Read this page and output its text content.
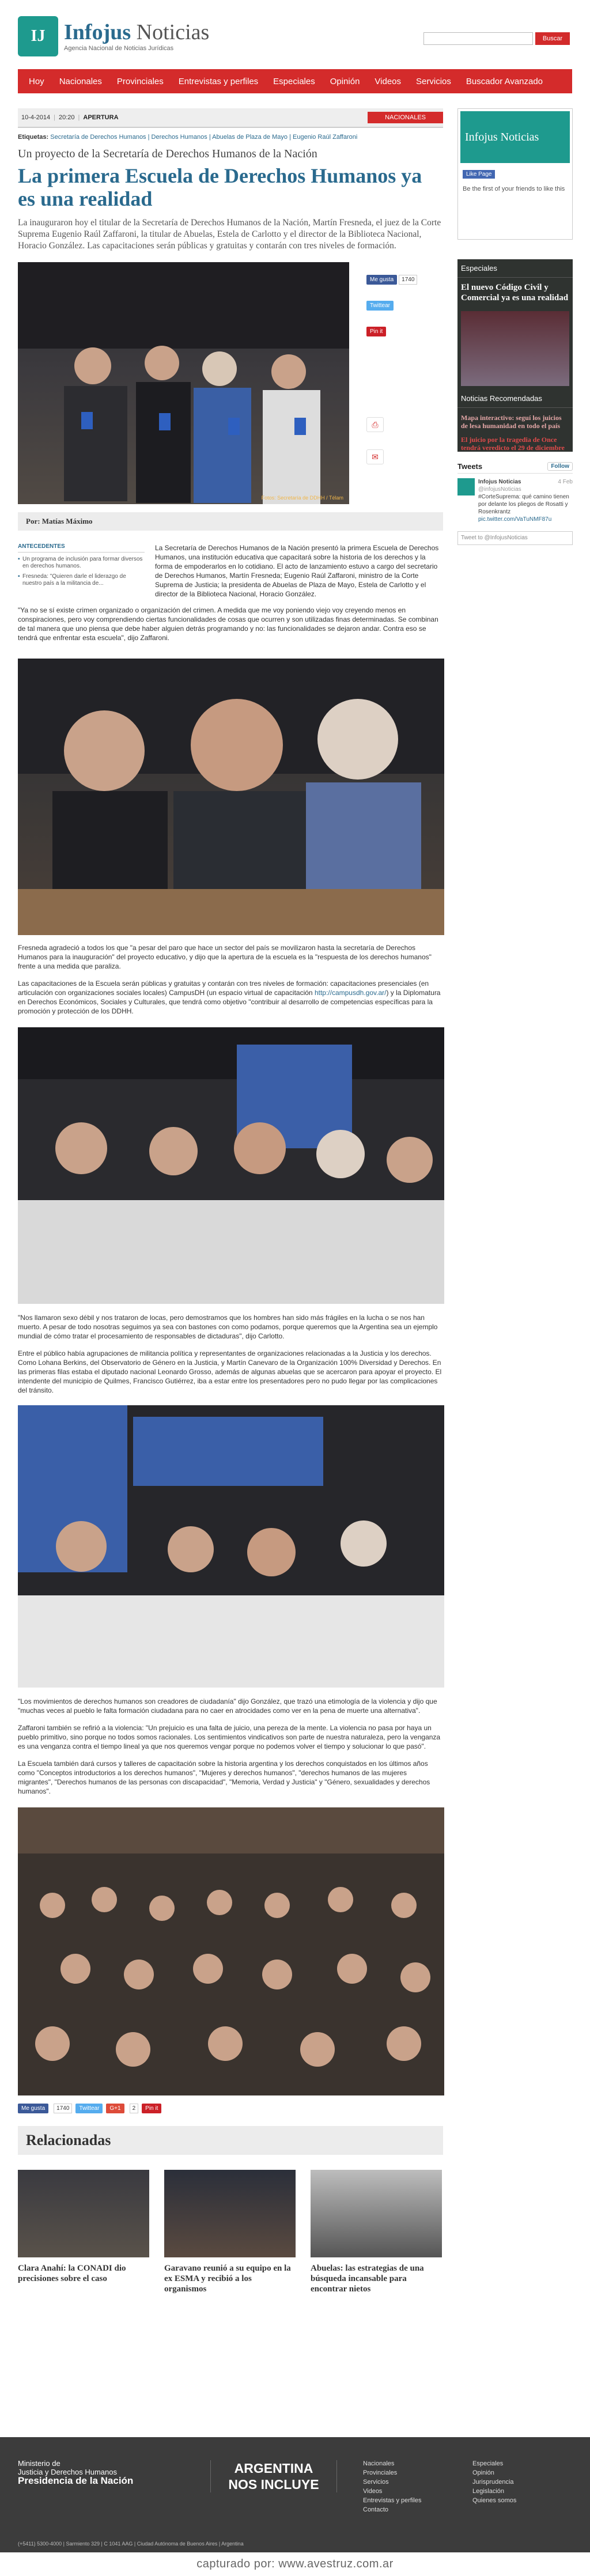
IJ Infojus Noticias
Agencia Nacional de Noticias Jurídicas
Buscar
Hoy	Nacionales	Provinciales	Entrevistas y perfiles	Especiales	Opinión	Videos	Servicios	Buscador Avanzado
10-4-2014 | 20:20 | APERTURA	NACIONALES
Etiquetas: Secretaría de Derechos Humanos | Derechos Humanos | Abuelas de Plaza de Mayo | Eugenio Raúl Zaffaroni
Un proyecto de la Secretaría de Derechos Humanos de la Nación
La primera Escuela de Derechos Humanos ya es una realidad
La inauguraron hoy el titular de la Secretaría de Derechos Humanos de la Nación, Martín Fresneda, el juez de la Corte Suprema Eugenio Raúl Zaffaroni, la titular de Abuelas, Estela de Carlotto y el director de la Biblioteca Nacional, Horacio González. Las capacitaciones serán públicas y gratuitas y contarán con tres niveles de formación.
Fotos: Secretaría de DDHH / Télam
Me gusta 1740
Twittear
Pin it
⎙
✉
Por: Matías Máximo
ANTECEDENTES
▪ Un programa de inclusión para formar diversos en derechos humanos.
▪ Fresneda: "Quieren darle el liderazgo de nuestro país a la militancia de...

La Secretaría de Derechos Humanos de la Nación presentó la primera Escuela de Derechos Humanos, una institución educativa que capacitará sobre la historia de los derechos y la forma de empoderarlos en lo cotidiano. El acto de lanzamiento estuvo a cargo del secretario de Derechos Humanos, Martín Fresneda; Eugenio Raúl Zaffaroni, ministro de la Corte Suprema de Justicia; la presidenta de Abuelas de Plaza de Mayo, Estela de Carlotto y el director de la Biblioteca Nacional, Horacio González.

"Ya no se sí existe crimen organizado o organización del crimen. A medida que me voy poniendo viejo voy creyendo menos en conspiraciones, pero voy comprendiendo ciertas funcionalidades de cosas que ocurren y son utilizadas finas determinadas. Se combinan de tal manera que uno piensa que debe haber alguien detrás programando y no: las funcionalidades se dejaron andar. Contra eso se tendrá que enfrentar esta escuela", dijo Zaffaroni.

Fresneda agradeció a todos los que "a pesar del paro que hace un sector del país se movilizaron hasta la secretaría de Derechos Humanos para la inauguración" del proyecto educativo, y dijo que la apertura de la escuela es la "respuesta de los derechos humanos" frente a una medida que paraliza.

Las capacitaciones de la Escuela serán públicas y gratuitas y contarán con tres niveles de formación: capacitaciones presenciales (en articulación con organizaciones sociales locales) CampusDH (un espacio virtual de capacitación http://campusdh.gov.ar/) y la Diplomatura en Derechos Económicos, Sociales y Culturales, que tendrá como objetivo "contribuir al desarrollo de competencias específicas para la promoción y protección de los DDHH.

"Nos llamaron sexo débil y nos trataron de locas, pero demostramos que los hombres han sido más frágiles en la lucha o se nos han muerto. A pesar de todo nosotras seguimos ya sea con bastones con como podamos, porque queremos que la Argentina sea un ejemplo mundial de cómo tratar el procesamiento de responsables de dictaduras", dijo Carlotto.

Entre el público había agrupaciones de militancia política y representantes de organizaciones relacionadas a la Justicia y los derechos. Como Lohana Berkins, del Observatorio de Género en la Justicia, y Martín Canevaro de la Organización 100% Diversidad y Derechos. En las primeras filas estaba el diputado nacional Leonardo Grosso, además de algunas abuelas que se acercaron para apoyar el proyecto. El intendente del municipio de Quilmes, Francisco Gutiérrez, iba a estar entre los presentadores pero no pudo llegar por las complicaciones del tránsito.

"Los movimientos de derechos humanos son creadores de ciudadanía" dijo González, que trazó una etimología de la violencia y dijo que "muchas veces al pueblo le falta formación ciudadana para no caer en atrocidades como ver en la pena de muerte una alternativa".

Zaffaroni también se refirió a la violencia: "Un prejuicio es una falta de juicio, una pereza de la mente. La violencia no pasa por haya un pueblo primitivo, sino porque no todos somos racionales. Los sentimientos vindicativos son parte de nuestra naturaleza, pero la venganza es una venganza contra el tiempo lineal ya que nos queremos vengar porque no podemos volver el tiempo y solucionar lo que pasó".

La Escuela también dará cursos y talleres de capacitación sobre la historia argentina y los derechos conquistados en los últimos años como "Conceptos introductorios a los derechos humanos", "Mujeres y derechos humanos", "derechos humanos de las mujeres migrantes", "Derechos humanos de las personas con discapacidad", "Memoria, Verdad y Justicia" y "Género, sexualidades y derechos humanos".

Me gusta	1740	Twittear	G+1	2	Pin it
Relacionadas
Clara Anahí: la CONADI dio precisiones sobre el caso
Garavano reunió a su equipo en la ex ESMA y recibió a los organismos
Abuelas: las estrategias de una búsqueda incansable para encontrar nietos
Infojus Noticias
Like Page
Be the first of your friends to like this
Especiales
El nuevo Código Civil y Comercial ya es una realidad
Noticias Recomendadas

Mapa interactivo: seguí los juicios de lesa humanidad en todo el país

El juicio por la tragedia de Once tendrá veredicto el 29 de diciembre

Tweets	Follow
Infojus Noticias	4 Feb

@infojusNoticias
#CorteSuprema: qué camino tienen por delante los pliegos de Rosatti y Rosenkrantz pic.twitter.com/VaTuNMF87u
Tweet to @InfojusNoticias
Ministerio de
Justicia y Derechos Humanos
Presidencia de la Nación
ARGENTINA
NOS INCLUYE
Nacionales
Provinciales
Servicios
Videos
Entrevistas y perfiles
Contacto
Especiales
Opinión
Jurisprudencia
Legislación
Quienes somos
(+5411) 5300-4000 | Sarmiento 329 | C 1041 AAG | Ciudad Autónoma de Buenos Aires | Argentina
capturado por: www.avestruz.com.ar
